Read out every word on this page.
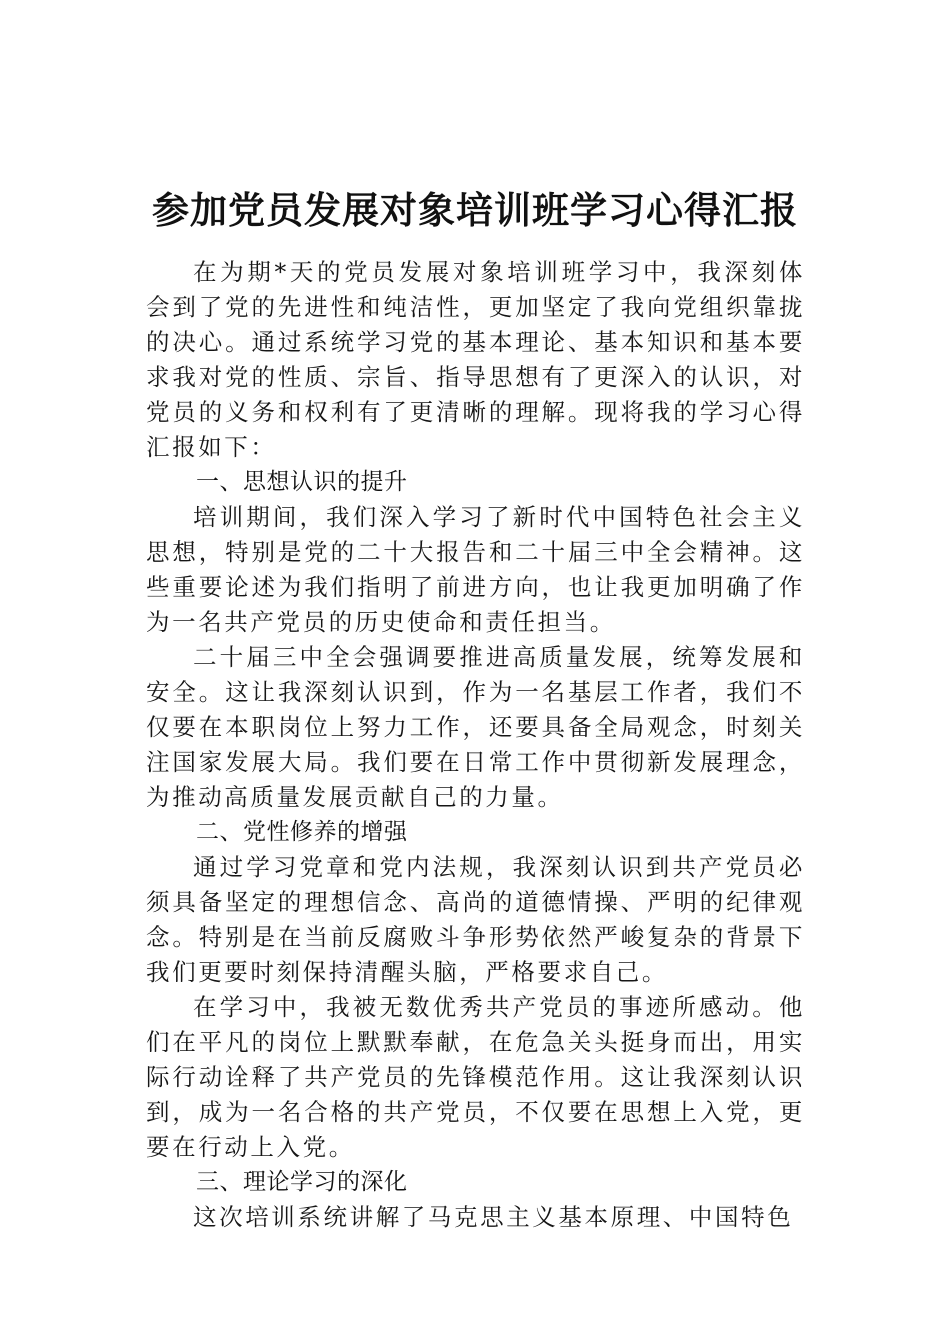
参加党员发展对象培训班学习心得汇报

在为期*天的党员发展对象培训班学习中，我深刻体会到了党的先进性和纯洁性，更加坚定了我向党组织靠拢的决心。通过系统学习党的基本理论、基本知识和基本要求我对党的性质、宗旨、指导思想有了更深入的认识，对党员的义务和权利有了更清晰的理解。现将我的学习心得汇报如下：

一、思想认识的提升

培训期间，我们深入学习了新时代中国特色社会主义思想，特别是党的二十大报告和二十届三中全会精神。这些重要论述为我们指明了前进方向，也让我更加明确了作为一名共产党员的历史使命和责任担当。

二十届三中全会强调要推进高质量发展，统筹发展和安全。这让我深刻认识到，作为一名基层工作者，我们不仅要在本职岗位上努力工作，还要具备全局观念，时刻关注国家发展大局。我们要在日常工作中贯彻新发展理念，为推动高质量发展贡献自己的力量。

二、党性修养的增强

通过学习党章和党内法规，我深刻认识到共产党员必须具备坚定的理想信念、高尚的道德情操、严明的纪律观念。特别是在当前反腐败斗争形势依然严峻复杂的背景下我们更要时刻保持清醒头脑，严格要求自己。

在学习中，我被无数优秀共产党员的事迹所感动。他们在平凡的岗位上默默奉献，在危急关头挺身而出，用实际行动诠释了共产党员的先锋模范作用。这让我深刻认识到，成为一名合格的共产党员，不仅要在思想上入党，更要在行动上入党。

三、理论学习的深化

这次培训系统讲解了马克思主义基本原理、中国特色
